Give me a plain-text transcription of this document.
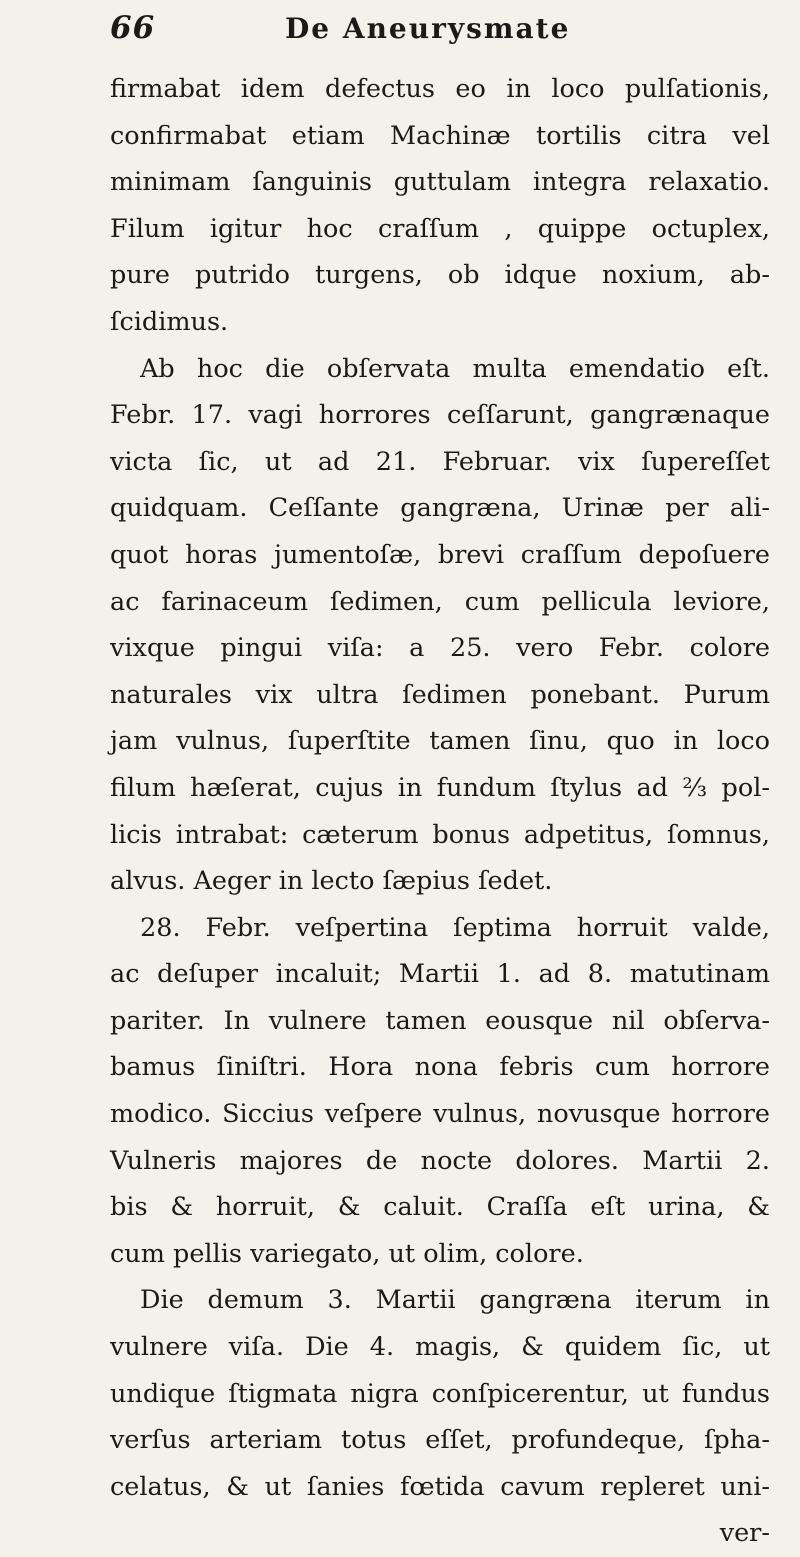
66	De Aneurysmate
firmabat idem defectus eo in loco pulſationis,
confirmabat etiam Machinæ tortilis citra vel
minimam ſanguinis guttulam integra relaxatio.
Filum igitur hoc craſſum , quippe octuplex,
pure putrido turgens, ob idque noxium, ab-
ſcidimus.
Ab hoc die obſervata multa emendatio eſt.
Febr. 17. vagi horrores ceſſarunt, gangrænaque
victa ſic, ut ad 21. Februar. vix ſupereſſet
quidquam. Ceſſante gangræna, Urinæ per ali-
quot horas jumentoſæ, brevi craſſum depoſuere
ac farinaceum ſedimen, cum pellicula leviore,
vixque pingui viſa: a 25. vero Febr. colore
naturales vix ultra ſedimen ponebant. Purum
jam vulnus, ſuperſtite tamen ſinu, quo in loco
filum hæſerat, cujus in fundum ſtylus ad ⅔ pol-
licis intrabat: cæterum bonus adpetitus, ſomnus,
alvus. Aeger in lecto ſæpius ſedet.
28. Febr. veſpertina ſeptima horruit valde,
ac deſuper incaluit; Martii 1. ad 8. matutinam
pariter. In vulnere tamen eousque nil obſerva-
bamus ſiniſtri. Hora nona febris cum horrore
modico. Siccius veſpere vulnus, novusque horrore
Vulneris majores de nocte dolores. Martii 2.
bis & horruit, & caluit. Craſſa eſt urina, &
cum pellis variegato, ut olim, colore.
Die demum 3. Martii gangræna iterum in
vulnere viſa. Die 4. magis, & quidem ſic, ut
undique ſtigmata nigra conſpicerentur, ut fundus
verſus arteriam totus eſſet, profundeque, ſpha-
celatus, & ut ſanies fœtida cavum repleret uni-
ver-
